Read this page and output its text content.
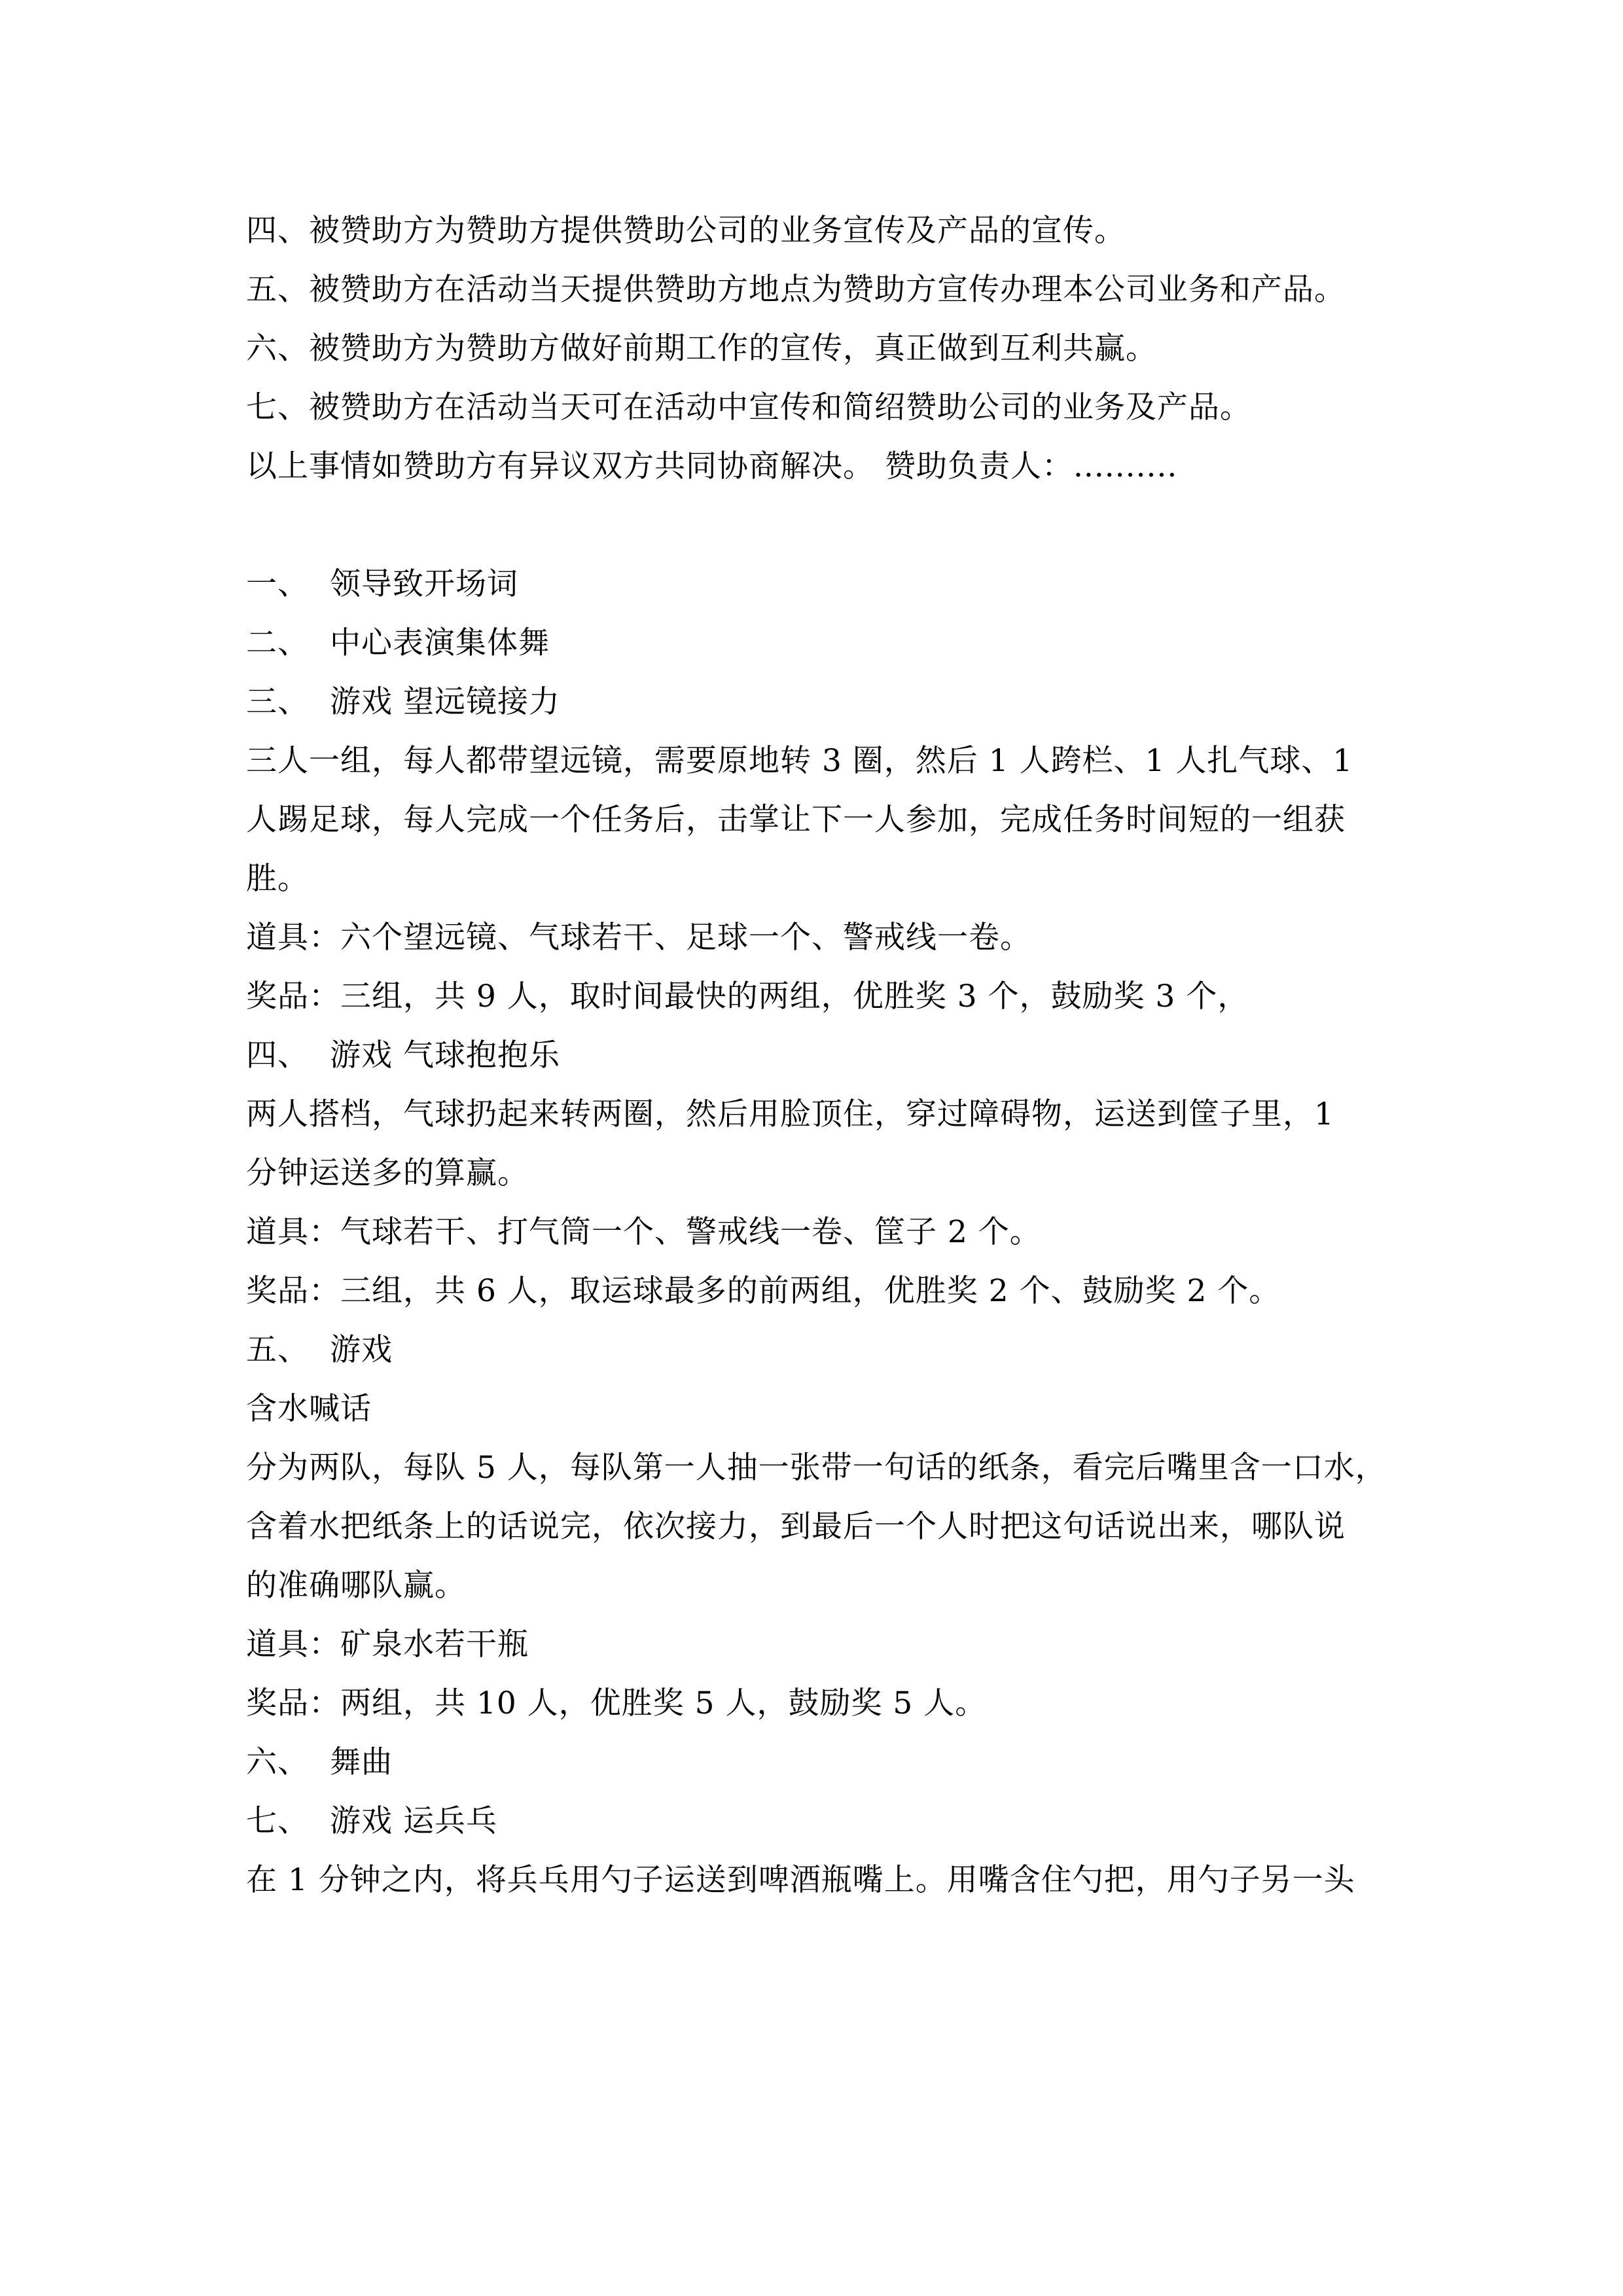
四、被赞助方为赞助方提供赞助公司的业务宣传及产品的宣传。
五、被赞助方在活动当天提供赞助方地点为赞助方宣传办理本公司业务和产品。
六、被赞助方为赞助方做好前期工作的宣传，真正做到互利共赢。
七、被赞助方在活动当天可在活动中宣传和简绍赞助公司的业务及产品。
以上事情如赞助方有异议双方共同协商解决。 赞助负责人：..........
一、 领导致开场词
二、 中心表演集体舞
三、 游戏 望远镜接力
三人一组，每人都带望远镜，需要原地转 3 圈，然后 1 人跨栏、1 人扎气球、1
人踢足球，每人完成一个任务后，击掌让下一人参加，完成任务时间短的一组获
胜。
道具：六个望远镜、气球若干、足球一个、警戒线一卷。
奖品：三组，共 9 人，取时间最快的两组，优胜奖 3 个，鼓励奖 3 个，
四、 游戏 气球抱抱乐
两人搭档，气球扔起来转两圈，然后用脸顶住，穿过障碍物，运送到筐子里，1
分钟运送多的算赢。
道具：气球若干、打气筒一个、警戒线一卷、筐子 2 个。
奖品：三组，共 6 人，取运球最多的前两组，优胜奖 2 个、鼓励奖 2 个。
五、 游戏
含水喊话
分为两队，每队 5 人，每队第一人抽一张带一句话的纸条，看完后嘴里含一口水，
含着水把纸条上的话说完，依次接力，到最后一个人时把这句话说出来，哪队说
的准确哪队赢。
道具：矿泉水若干瓶
奖品：两组，共 10 人，优胜奖 5 人，鼓励奖 5 人。
六、 舞曲
七、 游戏 运兵乓
在 1 分钟之内，将兵乓用勺子运送到啤酒瓶嘴上。用嘴含住勺把，用勺子另一头
